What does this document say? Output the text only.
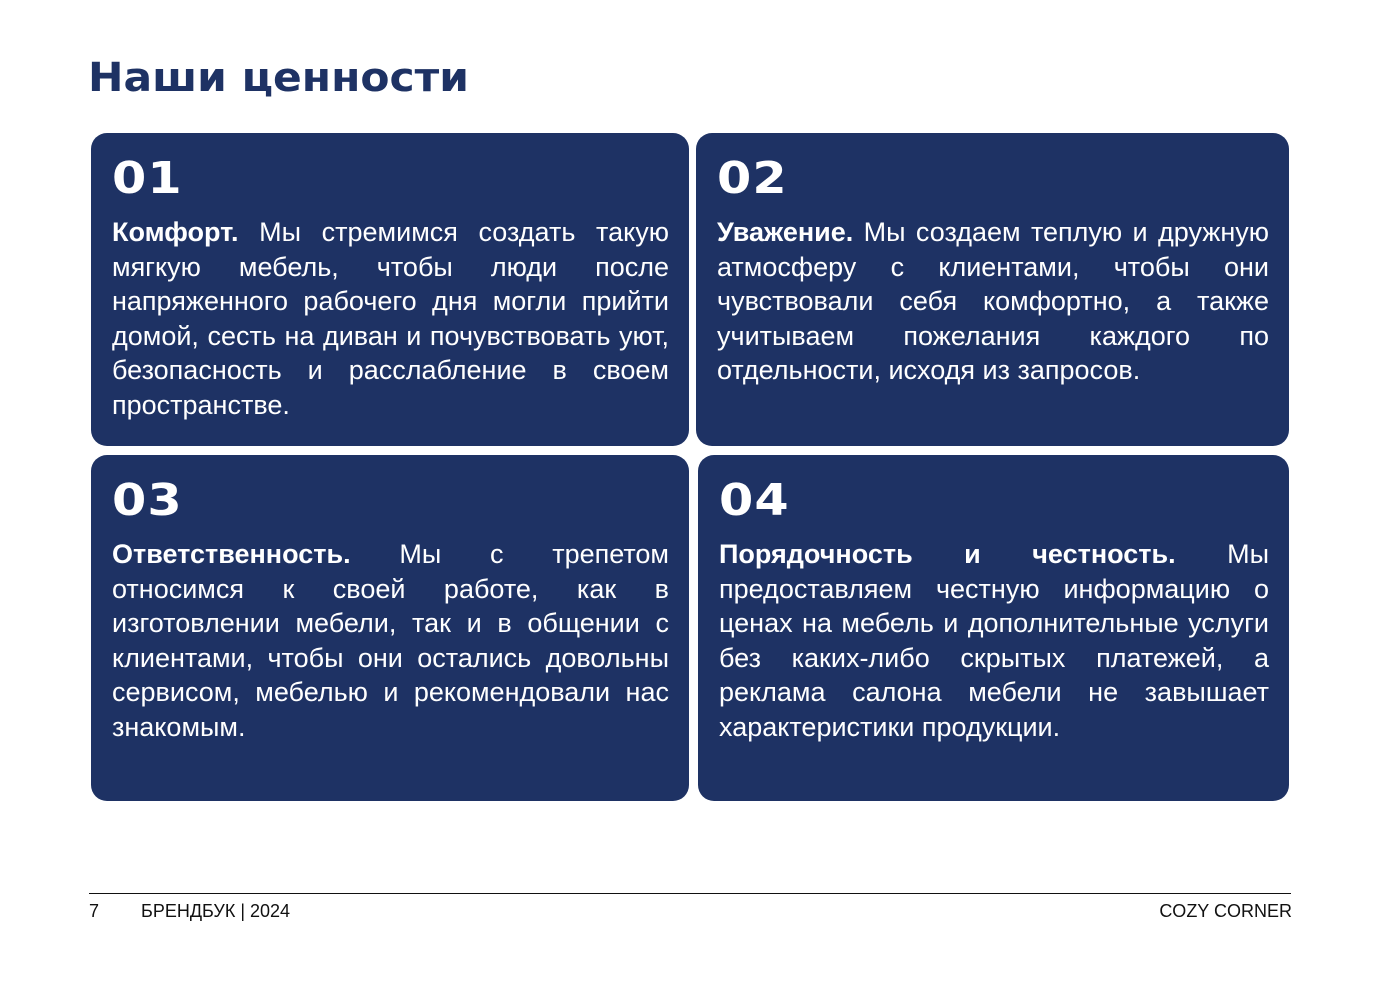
Наши ценности
01

Комфорт. Мы стремимся создать такую мягкую мебель, чтобы люди после напряженного рабочего дня могли прийти домой, сесть на диван и почувствовать уют, безопасность и расслабление в своем пространстве.

02

Уважение. Мы создаем теплую и дружную атмосферу с клиентами, чтобы они чувствовали себя комфортно, а также учитываем пожелания каждого по отдельности, исходя из запросов.

03

Ответственность. Мы с трепетом относимся к своей работе, как в изготовлении мебели, так и в общении с клиентами, чтобы они остались довольны сервисом, мебелью и рекомендовали нас знакомым.

04

Порядочность и честность. Мы предоставляем честную информацию о ценах на мебель и дополнительные услуги без каких-либо скрытых платежей, а реклама салона мебели не завышает характеристики продукции.

7 БРЕНДБУК | 2024	COZY CORNER
